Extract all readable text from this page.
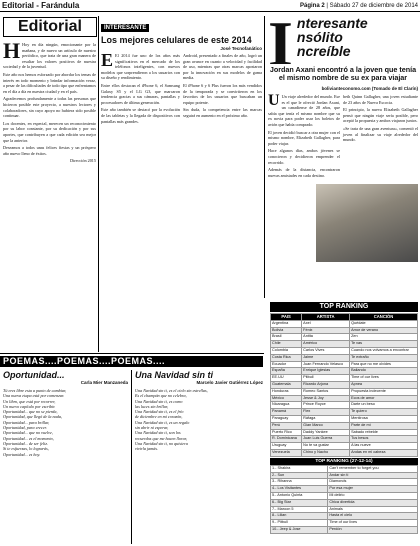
Editorial - Farándula	Página 2 | Sábado 27 de diciembre de 2014
Editorial

H Hoy en día ningún, emocionante por la mañana, y de nuevo un artículo de nuestro periódico, que trata de una gran manera de resaltar los valores positivos de nuestra sociedad y de la juventud.

Este año nos hemos esforzado por abordar los temas de interés en todo momento y brindar información veraz, a pesar de las dificultades de todo tipo que enfrentamos en el día a día en nuestra ciudad y en el país.

Agradecemos profundamente a todas las personas que hicieron posible este proyecto, a nuestros lectores y colaboradores, sin cuyo apoyo no hubiera sido posible continuar.

Los docentes, en especial, merecen un reconocimiento por su labor constante, por su dedicación y por sus aportes, que contribuyen a que cada edición sea mejor que la anterior.

Deseamos a todos unas felices fiestas y un próspero año nuevo lleno de éxitos.

Dirección 2015

INTERESANTE
Los mejores celulares de este 2014
José Tecnofanático

E El 2014 fue uno de los años más significativos en el mercado de los teléfonos inteligentes, con nuevos modelos que sorprendieron a los usuarios con su diseño y rendimiento.

Entre ellos destacan el iPhone 6, el Samsung Galaxy S5 y el LG G3, que marcaron tendencia gracias a sus cámaras, pantallas y procesadores de última generación.

Este año también se destacó por la evolución de las tabletas y la llegada de dispositivos con pantallas más grandes.

Android, presentado a finales de año, logró un gran avance en cuanto a velocidad y facilidad de uso, mientras que otras marcas apostaron por la innovación en sus modelos de gama media.

El iPhone 6 y 6 Plus fueron los más vendidos de la temporada y se convirtieron en los favoritos de los usuarios que buscaban un equipo potente.

Sin duda, la competencia entre las marcas seguirá en aumento en el próximo año.

I nteresante
nsólito
ncreíble
Jordan Axani encontró a la joven que tenía el mismo nombre de su ex para viajar
bolivianteconomo.com (Tomado de El Clarín)

U Un viaje alrededor del mundo. Ese es el que le ofreció Jordan Axani, un canadiense de 28 años, que sabía que tenía el mismo nombre que su ex novia para poder usar los boletos de avión que había comprado.

El joven decidió buscar a otra mujer con el mismo nombre, Elizabeth Gallagher, para poder viajar.

Hace algunos días, ambos jóvenes se conocieron y decidieron emprender el recorrido.

Además de la distancia, encontraron nuevas amistades en cada destino.

beth Quinn Gallagher, una joven estudiante de 23 años de Nueva Escocia.

El principio, la nueva Elizabeth Gallagher pensó que ningún viaje sería posible, pero aceptó la propuesta y ambos viajaron juntos.

«Se trata de una gran aventura», comentó el joven al finalizar su viaje alrededor del mundo.

POEMAS....POEMAS....POEMAS....
Oportunidad...
Carla Mier Manzaneda

Tú eres libre esta a punto de cambiar,

Una nueva etapa está por comenzar.

Un libro, que está por recorrer,

Un nuevo capítulo por escribir.

Oportunidad... que no se pierda,

Oportunidad, que llegó de la nada,

Oportunidad... para brillar,

Oportunidad, para crecer.

Oportunidad... que no vuelve,

Oportunidad... es el momento,

Oportunidad... de ser feliz.

Si te esfuerzas, lo lograrás,

Oportunidad... es hoy.

Una Navidad sin ti
Marcelo Javier Gutiérrez López

Una Navidad sin ti, es el cielo sin estrellas,

Es el champán que no celebra,

Una Navidad sin ti, es como

las luces sin brillar,

Una Navidad sin ti, es el frío

de diciembre en mi corazón,

Una Navidad sin ti, es un regalo

sin abrir ni esperar,

Una Navidad sin ti, son los

recuerdos que me hacen llorar,

Una Navidad sin ti, no quisiera

vivirla jamás.

TOP RANKING
PAIS	ARTISTA	CANCIÓN
Argentina	Axel	Quédate
Bolivia	Fénix	Amor de verano
Brasil	Anitta	Zen
Chile	Américo	Te vas
Colombia	Carlos Vives	Cuando nos volvamos a encontrar
Costa Rica	Jaime	Te extraño
Ecuador	Juan Fernando Velasco	Para que no me olvides
España	Enrique Iglesias	Bailando
EE.UU	Pitbull	Time of our lives
Guatemala	Ricardo Arjona	Apnea
Honduras	Romeo Santos	Propuesta indecente
México	Jesse & Joy	Ecos de amor
Nicaragua	Prince Royce	Darte un beso
Panamá	Flex	Te quiero
Paraguay	Ráfaga	Mentirosa
Perú	Gian Marco	Parte de mí
Puerto Rico	Daddy Yankee	Sabado rebelde
R. Dominicana	Juan Luis Guerra	Tus besos
Uruguay	No te va gustar	A las nueve
Venezuela	Chino y Nacho	Andas en mi cabeza
TOP RANKING (27-12-14)
1.- Shakira	Can't remember to forget you
2.- Sun	Andar sin ti
3.- Rihanna	Diamonds
4.- Los Visitantes	Por esa mujer
5.- Antonio Quinta	Mi delirio
6.- Big Star	Chica divertida
7.- Maroon 5	Animals
8.- Lilian	Hasta el cielo
9.- Pitbull	Time of our lives
10.- Jeep & Jose	Perdón
